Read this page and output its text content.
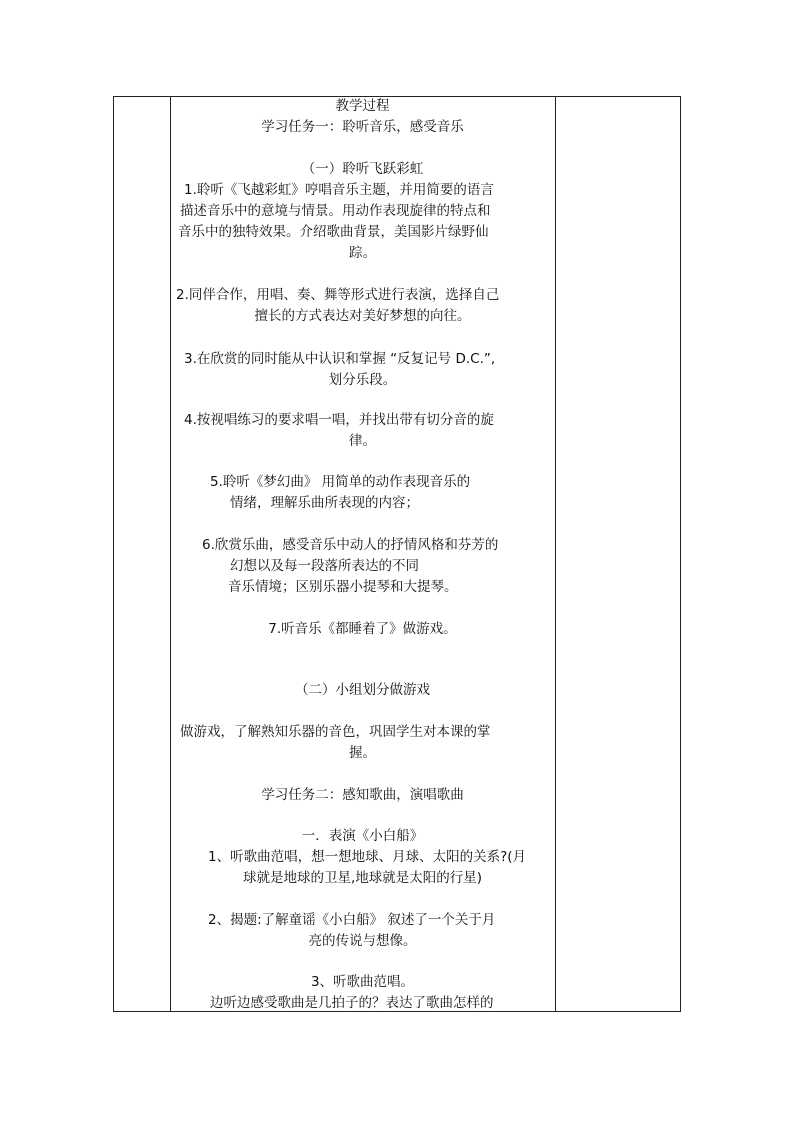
教学过程
学习任务一：聆听音乐，感受音乐
（一）聆听飞跃彩虹
1.聆听《飞越彩虹》哼唱音乐主题，并用简要的语言
描述音乐中的意境与情景。用动作表现旋律的特点和
音乐中的独特效果。介绍歌曲背景，美国影片绿野仙
踪。
2.同伴合作，用唱、奏、舞等形式进行表演，选择自己
擅长的方式表达对美好梦想的向往。
3.在欣赏的同时能从中认识和掌握 “反复记号 D.C.”,
划分乐段。
4.按视唱练习的要求唱一唱，并找出带有切分音的旋
律。
5.聆听《梦幻曲》 用简单的动作表现音乐的
情绪，理解乐曲所表现的内容；
6.欣赏乐曲，感受音乐中动人的抒情风格和芬芳的
幻想以及每一段落所表达的不同
音乐情境；区别乐器小提琴和大提琴。
7.听音乐《都睡着了》做游戏。
（二）小组划分做游戏
做游戏，了解熟知乐器的音色，巩固学生对本课的掌
握。
学习任务二：感知歌曲，演唱歌曲
一．表演《小白船》
1、听歌曲范唱，想一想地球、月球、太阳的关系?(月
球就是地球的卫星,地球就是太阳的行星)
2、揭题:了解童谣《小白船》 叙述了一个关于月
亮的传说与想像。
3、听歌曲范唱。
边听边感受歌曲是几拍子的？表达了歌曲怎样的
